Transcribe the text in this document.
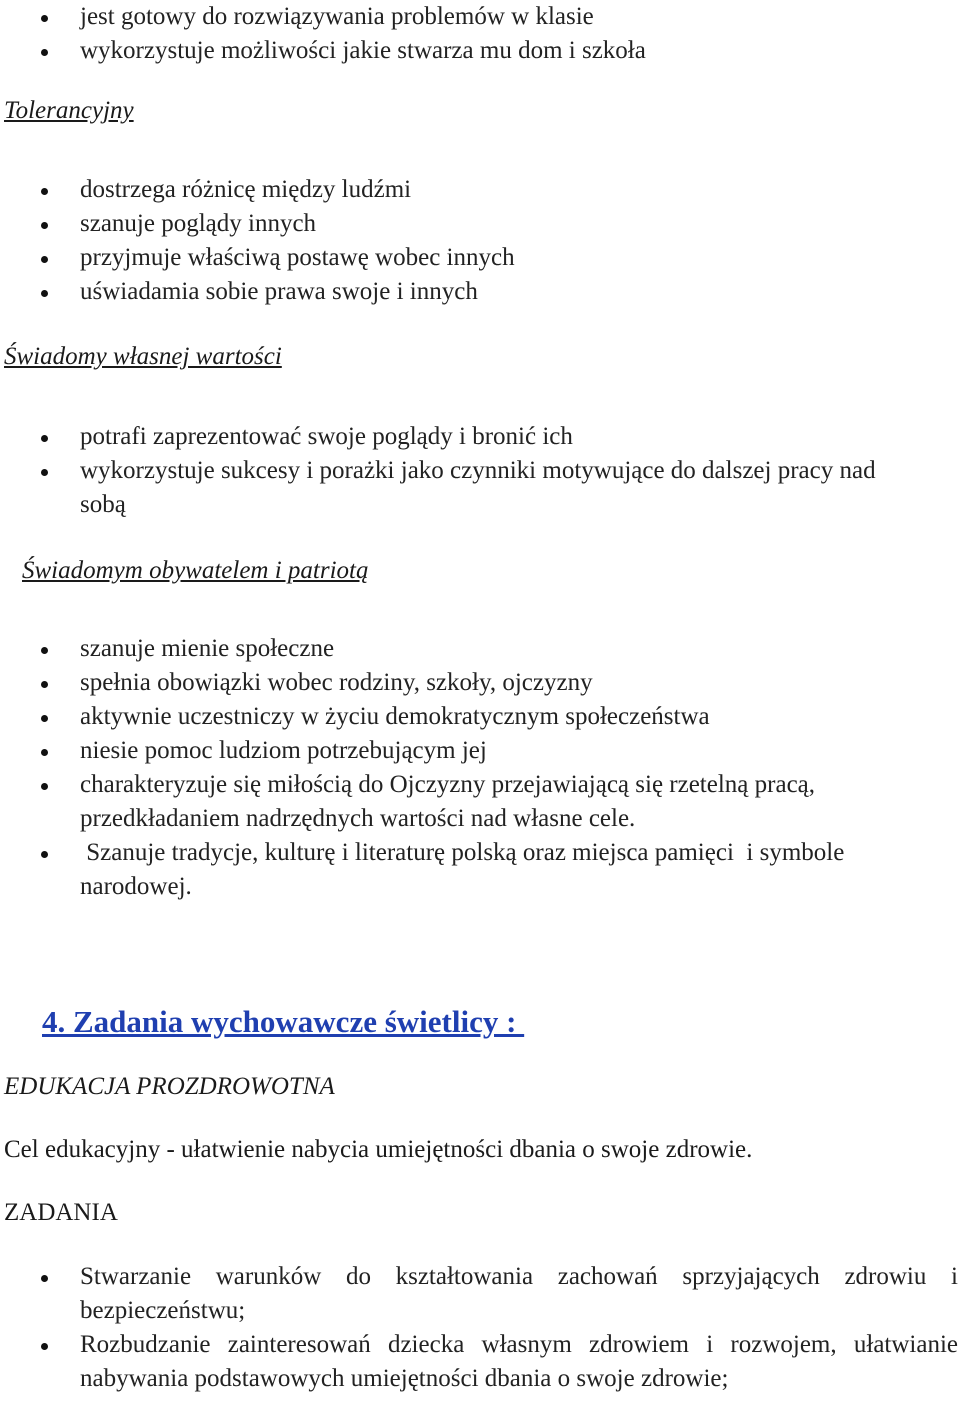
jest gotowy do rozwiązywania problemów w klasie
wykorzystuje możliwości jakie stwarza mu dom i szkoła
Tolerancyjny
dostrzega różnicę między ludźmi
szanuje poglądy innych
przyjmuje właściwą postawę wobec innych
uświadamia sobie prawa swoje i innych
Świadomy własnej wartości
potrafi zaprezentować swoje poglądy i bronić ich
wykorzystuje sukcesy i porażki jako czynniki motywujące do dalszej pracy nad sobą
Świadomym obywatelem i patriotą
szanuje mienie społeczne
spełnia obowiązki wobec rodziny, szkoły, ojczyzny
aktywnie uczestniczy w życiu demokratycznym społeczeństwa
niesie pomoc ludziom potrzebującym jej
charakteryzuje się miłością do Ojczyzny przejawiającą się rzetelną pracą, przedkładaniem nadrzędnych wartości nad własne cele.
Szanuje tradycje, kulturę i literaturę polską oraz miejsca pamięci  i symbole narodowej.
4. Zadania wychowawcze świetlicy :
EDUKACJA PROZDROWOTNA
Cel edukacyjny - ułatwienie nabycia umiejętności dbania o swoje zdrowie.
ZADANIA
Stwarzanie warunków do kształtowania zachowań sprzyjających zdrowiu i bezpieczeństwu;
Rozbudzanie zainteresowań dziecka własnym zdrowiem i rozwojem, ułatwianie nabywania podstawowych umiejętności dbania o swoje zdrowie;
